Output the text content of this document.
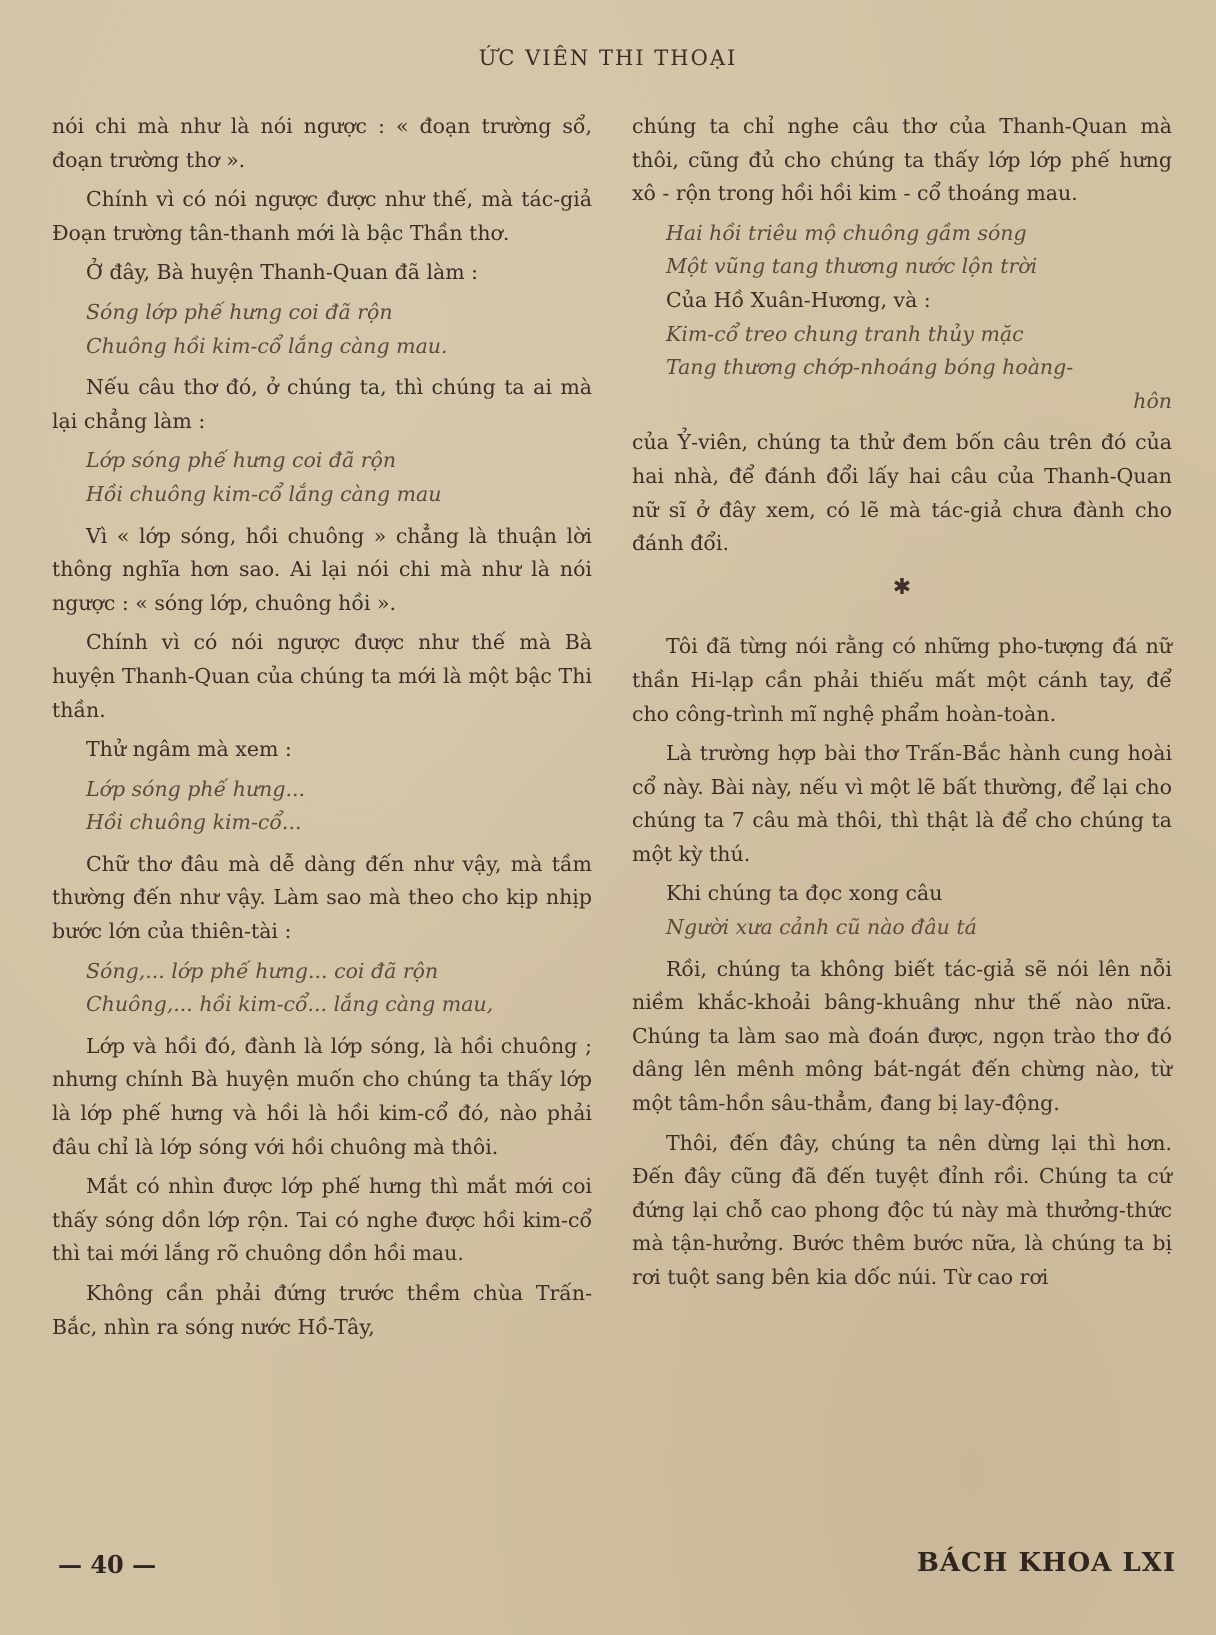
ỨC VIÊN THI THOẠI

nói chi mà như là nói ngược : « đoạn trường sổ, đoạn trường thơ ».

Chính vì có nói ngược được như thế, mà tác-giả Đoạn trường tân-thanh mới là bậc Thần thơ.

Ở đây, Bà huyện Thanh-Quan đã làm :

Sóng lớp phế hưng coi đã rộn

Chuông hồi kim-cổ lắng càng mau.

Nếu câu thơ đó, ở chúng ta, thì chúng ta ai mà lại chẳng làm :

Lớp sóng phế hưng coi đã rộn

Hồi chuông kim-cổ lắng càng mau

Vì « lớp sóng, hồi chuông » chẳng là thuận lời thông nghĩa hơn sao. Ai lại nói chi mà như là nói ngược : « sóng lớp, chuông hồi ».

Chính vì có nói ngược được như thế mà Bà huyện Thanh-Quan của chúng ta mới là một bậc Thi thần.

Thử ngâm mà xem :

Lớp sóng phế hưng...

Hồi chuông kim-cổ...

Chữ thơ đâu mà dễ dàng đến như vậy, mà tầm thường đến như vậy. Làm sao mà theo cho kịp nhịp bước lớn của thiên-tài :

Sóng,... lớp phế hưng... coi đã rộn

Chuông,... hồi kim-cổ... lắng càng mau,

Lớp và hồi đó, đành là lớp sóng, là hồi chuông ; nhưng chính Bà huyện muốn cho chúng ta thấy lớp là lớp phế hưng và hồi là hồi kim-cổ đó, nào phải đâu chỉ là lớp sóng với hồi chuông mà thôi.

Mắt có nhìn được lớp phế hưng thì mắt mới coi thấy sóng dồn lớp rộn. Tai có nghe được hồi kim-cổ thì tai mới lắng rõ chuông dồn hồi mau.

Không cần phải đứng trước thềm chùa Trấn-Bắc, nhìn ra sóng nước Hồ-Tây,

chúng ta chỉ nghe câu thơ của Thanh-Quan mà thôi, cũng đủ cho chúng ta thấy lớp lớp phế hưng xô - rộn trong hồi hồi kim - cổ thoáng mau.

Hai hồi triêu mộ chuông gầm sóng

Một vũng tang thương nước lộn trời

Của Hồ Xuân-Hương, và :

Kim-cổ treo chung tranh thủy mặc

Tang thương chớp-nhoáng bóng hoàng-

hôn

của Ỷ-viên, chúng ta thử đem bốn câu trên đó của hai nhà, để đánh đổi lấy hai câu của Thanh-Quan nữ sĩ ở đây xem, có lẽ mà tác-giả chưa đành cho đánh đổi.

✱

Tôi đã từng nói rằng có những pho-tượng đá nữ thần Hi-lạp cần phải thiếu mất một cánh tay, để cho công-trình mĩ nghệ phẩm hoàn-toàn.

Là trường hợp bài thơ Trấn-Bắc hành cung hoài cổ này. Bài này, nếu vì một lẽ bất thường, để lại cho chúng ta 7 câu mà thôi, thì thật là để cho chúng ta một kỳ thú.

Khi chúng ta đọc xong câu

Người xưa cảnh cũ nào đâu tá

Rồi, chúng ta không biết tác-giả sẽ nói lên nỗi niềm khắc-khoải bâng-khuâng như thế nào nữa. Chúng ta làm sao mà đoán được, ngọn trào thơ đó dâng lên mênh mông bát-ngát đến chừng nào, từ một tâm-hồn sâu-thẳm, đang bị lay-động.

Thôi, đến đây, chúng ta nên dừng lại thì hơn. Đến đây cũng đã đến tuyệt đỉnh rồi. Chúng ta cứ đứng lại chỗ cao phong độc tú này mà thưởng-thức mà tận-hưởng. Bước thêm bước nữa, là chúng ta bị rơi tuột sang bên kia dốc núi. Từ cao rơi

— 40 —	BÁCH KHOA LXI
